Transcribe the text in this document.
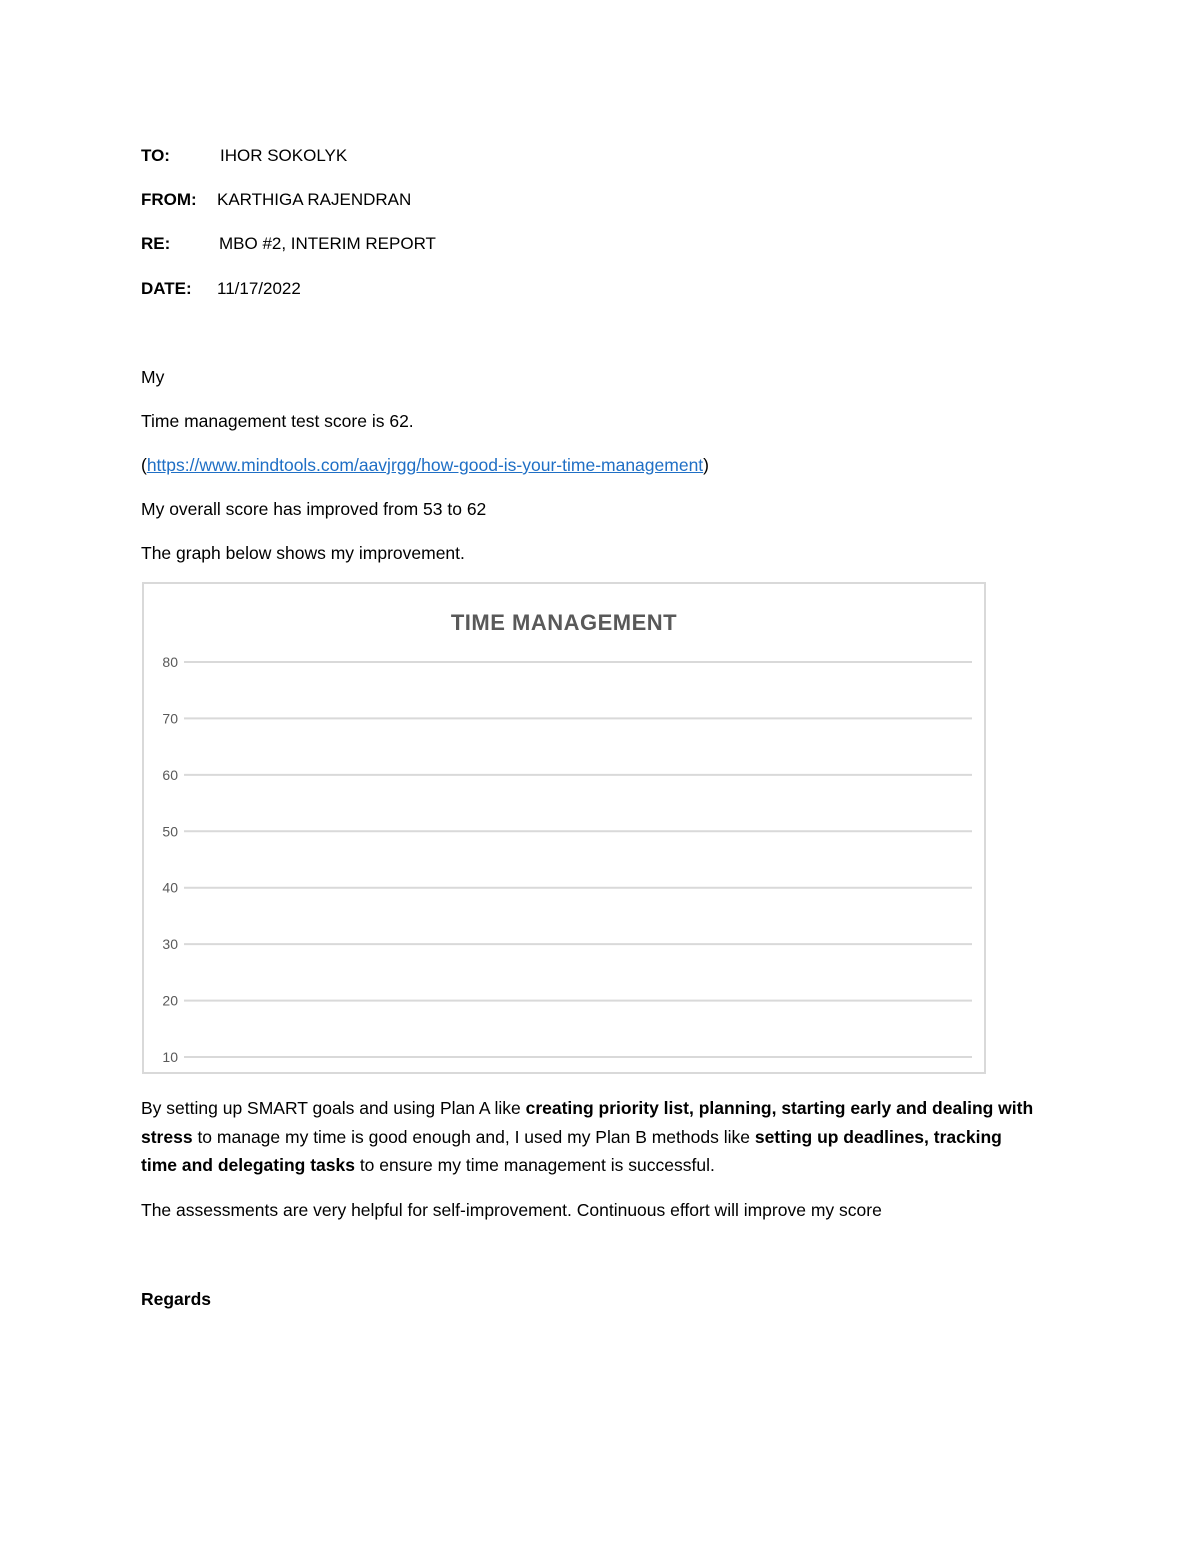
TO:	IHOR SOKOLYK
FROM: KARTHIGA RAJENDRAN
RE:	MBO #2, INTERIM REPORT
DATE: 11/17/2022
My
Time management test score is 62.
(https://www.mindtools.com/aavjrgg/how-good-is-your-time-management)
My overall score has improved from 53 to 62
The graph below shows my improvement.
TIME MANAGEMENT
80
70
60
50
40
30
20
10
By setting up SMART goals and using Plan A like creating priority list, planning, starting early and dealing with stress to manage my time is good enough and, I used my Plan B methods like setting up deadlines, tracking time and delegating tasks to ensure my time management is successful.
The assessments are very helpful for self-improvement. Continuous effort will improve my score
Regards
